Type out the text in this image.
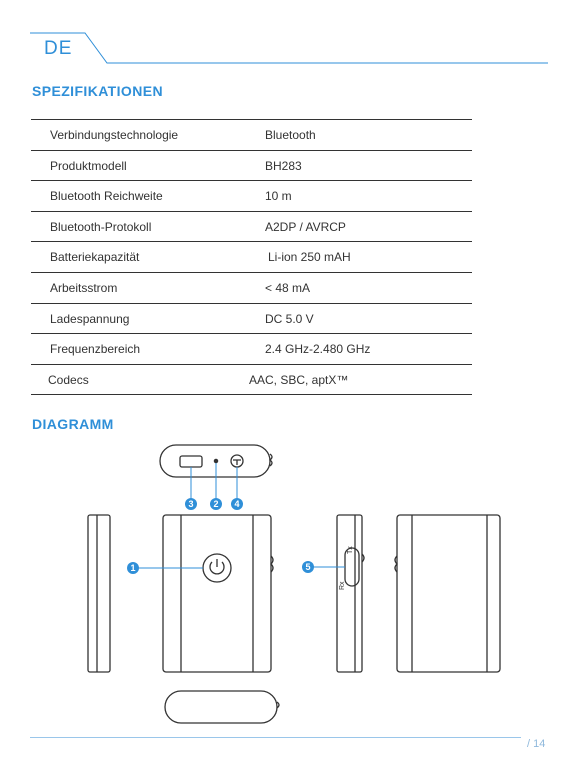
DE
SPEZIFIKATIONEN
Verbindungstechnologie	Bluetooth
Produktmodell	BH283
Bluetooth Reichweite	10 m
Bluetooth-Protokoll	A2DP / AVRCP
Batteriekapazität	Li-ion 250 mAH
Arbeitsstrom	< 48 mA
Ladespannung	DC 5.0 V
Frequenzbereich	2.4 GHz-2.480 GHz
Codecs	AAC, SBC, aptX™
DIAGRAMM
Rx
Tx
3 2 4
1	5
/ 14
